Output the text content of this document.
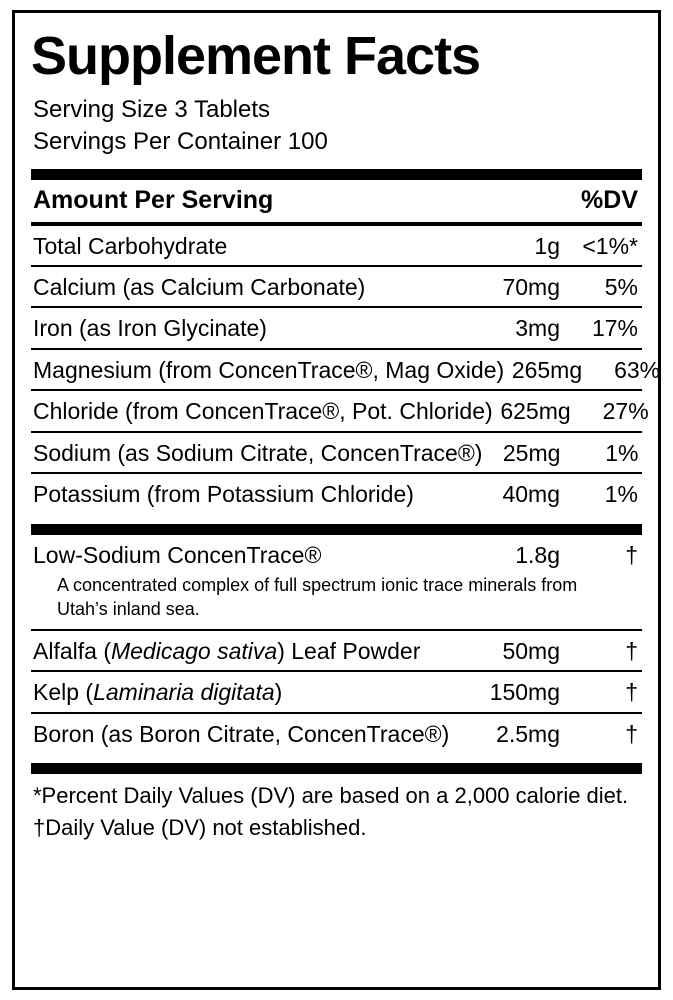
Supplement Facts
Serving Size 3 Tablets
Servings Per Container 100
Amount Per Serving	%DV
Total Carbohydrate	1g <1%*
Calcium (as Calcium Carbonate)	70mg	5%
Iron (as Iron Glycinate)	3mg	17%
Magnesium (from ConcenTrace®, Mag Oxide) 265mg	63%
Chloride (from ConcenTrace®, Pot. Chloride) 625mg	27%
Sodium (as Sodium Citrate, ConcenTrace®) 25mg	1%
Potassium (from Potassium Chloride)	40mg	1%
Low-Sodium ConcenTrace®	1.8g	†
A concentrated complex of full spectrum ionic trace minerals from Utah’s inland sea.
Alfalfa (Medicago sativa) Leaf Powder	50mg	†
Kelp (Laminaria digitata)	150mg	†
Boron (as Boron Citrate, ConcenTrace®)	2.5mg	†
*Percent Daily Values (DV) are based on a 2,000 calorie diet.
†Daily Value (DV) not established.
